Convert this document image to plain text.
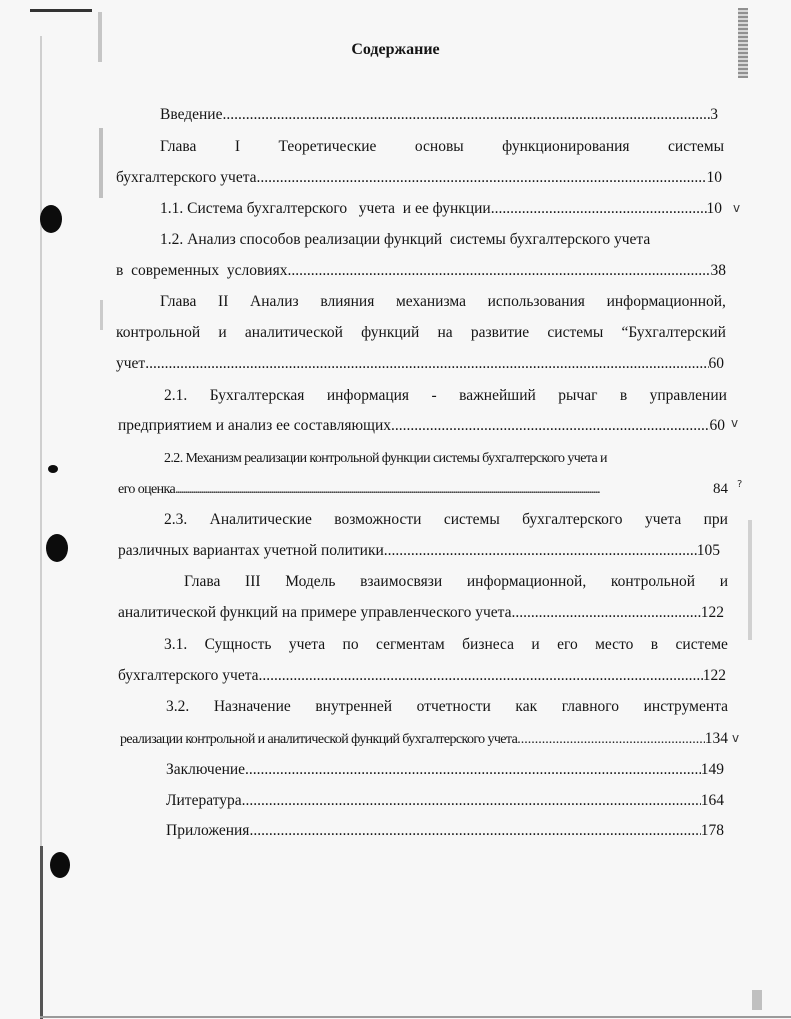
v
v
?
v
Содержание
Введение .....	3
Глава I Теоретические основы функционирования системы
бухгалтерского учета .....	10
1.1. Система бухгалтерского   учета  и ее функции .....	10
1.2. Анализ способов реализации функций  системы бухгалтерского учета
в  современных  условиях .....	38
Глава II Анализ влияния механизма использования информационной,
контрольной и аналитической функций на развитие системы “Бухгалтерский
учет .....	60
2.1. Бухгалтерская информация - важнейший рычаг в управлении
предприятием и анализ ее составляющих .....	60
2.2. Механизм реализации контрольной функции системы бухгалтерского учета и
его оценка .....	84
2.3. Аналитические возможности системы бухгалтерского учета при
различных вариантах учетной политики .....	105
Глава III Модель взаимосвязи информационной, контрольной и
аналитической функций на примере управленческого учета .....	122
3.1. Сущность учета по сегментам бизнеса и его место в системе
бухгалтерского учета .....	122
3.2. Назначение внутренней отчетности как главного инструмента
реализации контрольной и аналитической функций бухгалтерского учета .....	134
Заключение .....	149
Литература .....	164
Приложения .....	178
